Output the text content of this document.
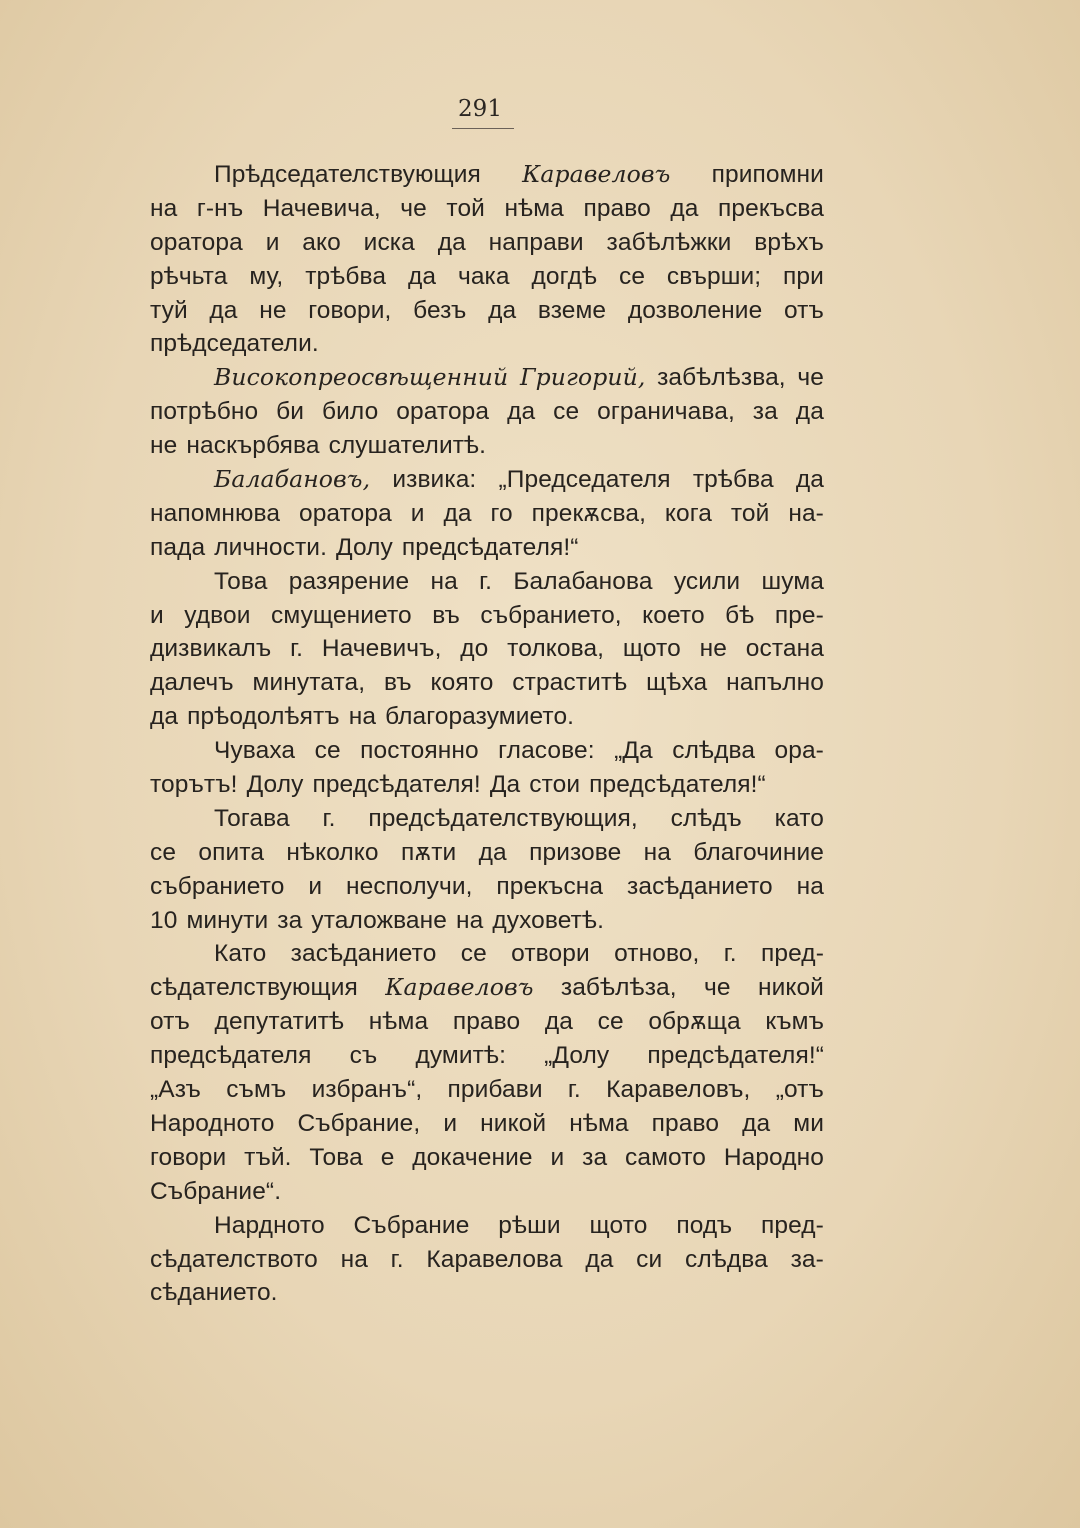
291
Прѣдседателствующия Каравеловъ припомни
на г-нъ Начевича, че той нѣма право да прекъсва
оратора и ако иска да направи забѣлѣжки врѣхъ
рѣчьта му, трѣбва да чака догдѣ се свърши; при
туй да не говори, безъ да вземе дозволение отъ
прѣдседатели.
Високопреосвѣщенний Григорий, забѣлѣзва, че
потрѣбно би било оратора да се ограничава, за да
не наскърбява слушателитѣ.
Балабановъ, извика: „Председателя трѣбва да
напомнюва оратора и да го прекѫсва, кога той на-
пада личности. Долу предсѣдателя!“
Това разярение на г. Балабанова усили шума
и удвои смущението въ събранието, което бѣ пре-
дизвикалъ г. Начевичъ, до толкова, щото не остана
далечъ минутата, въ която страститѣ щѣха напълно
да прѣодолѣятъ на благоразумието.
Чуваха се постоянно гласове: „Да слѣдва ора-
торътъ! Долу предсѣдателя! Да стои предсѣдателя!“
Тогава г. предсѣдателствующия, слѣдъ като
се опита нѣколко пѫти да призове на благочиние
събранието и несполучи, прекъсна засѣданието на
10 минути за уталожване на духоветѣ.
Като засѣданието се отвори отново, г. пред-
сѣдателствующия Каравеловъ забѣлѣза, че никой
отъ депутатитѣ нѣма право да се обрѫща къмъ
предсѣдателя съ думитѣ: „Долу предсѣдателя!“
„Азъ съмъ избранъ“, прибави г. Каравеловъ, „отъ
Народното Събрание, и никой нѣма право да ми
говори тъй. Това е докачение и за самото Народно
Събрание“.
Нардното Събрание рѣши щото подъ пред-
сѣдателството на г. Каравелова да си слѣдва за-
сѣданието.
